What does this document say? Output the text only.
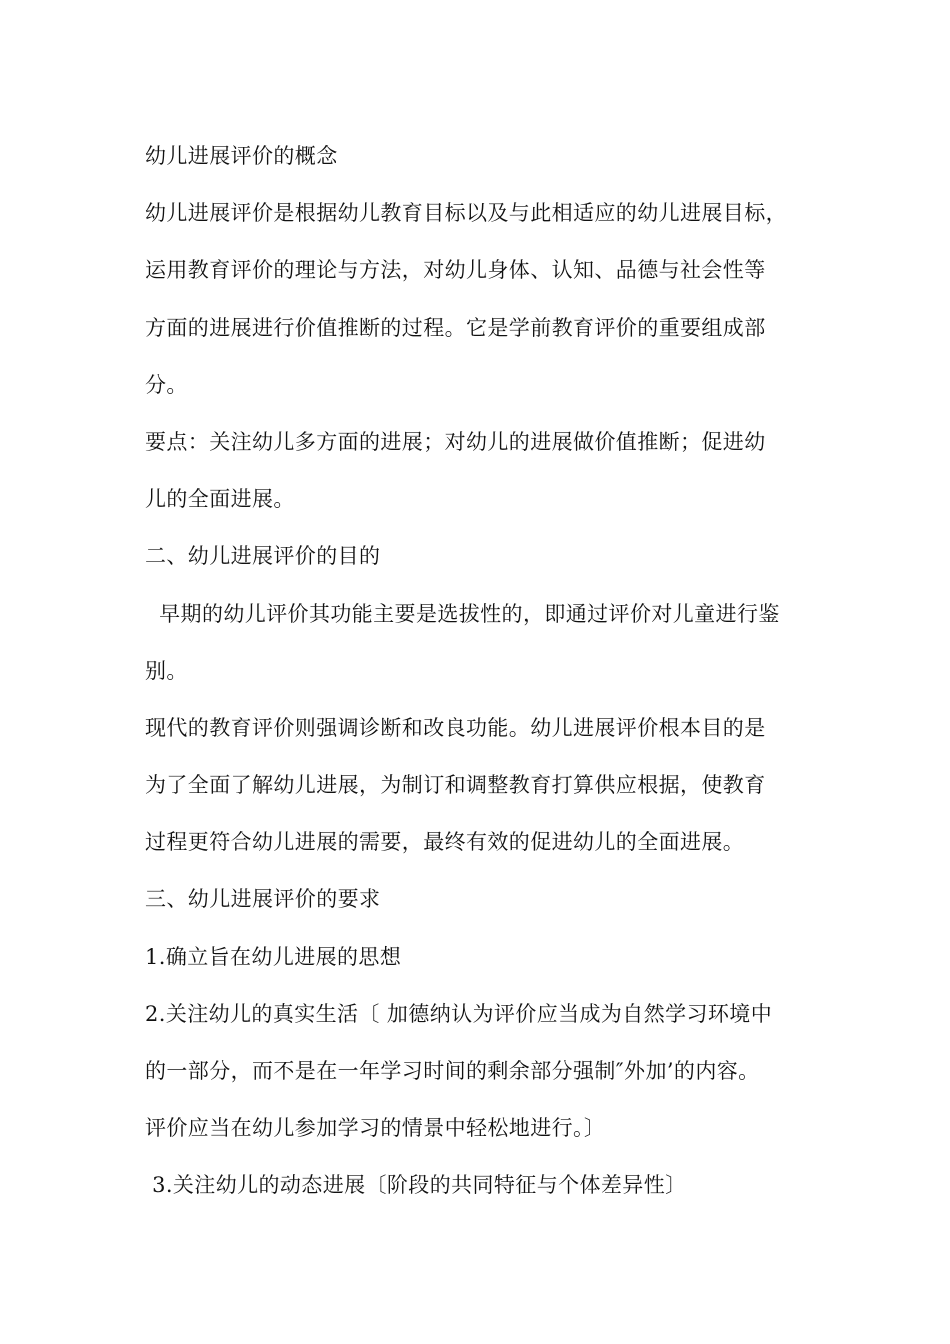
幼儿进展评价的概念
幼儿进展评价是根据幼儿教育目标以及与此相适应的幼儿进展目标，
运用教育评价的理论与方法，对幼儿身体、认知、品德与社会性等
方面的进展进行价值推断的过程。它是学前教育评价的重要组成部
分。
要点：关注幼儿多方面的进展；对幼儿的进展做价值推断；促进幼
儿的全面进展。
二、幼儿进展评价的目的
早期的幼儿评价其功能主要是选拔性的，即通过评价对儿童进行鉴
别。
现代的教育评价则强调诊断和改良功能。幼儿进展评价根本目的是
为了全面了解幼儿进展，为制订和调整教育打算供应根据，使教育
过程更符合幼儿进展的需要，最终有效的促进幼儿的全面进展。
三、幼儿进展评价的要求
1.确立旨在幼儿进展的思想
2.关注幼儿的真实生活〔 加德纳认为评价应当成为自然学习环境中
的一部分，而不是在一年学习时间的剩余部分强制″外加’的内容。
评价应当在幼儿参加学习的情景中轻松地进行。〕
3.关注幼儿的动态进展〔阶段的共同特征与个体差异性〕
